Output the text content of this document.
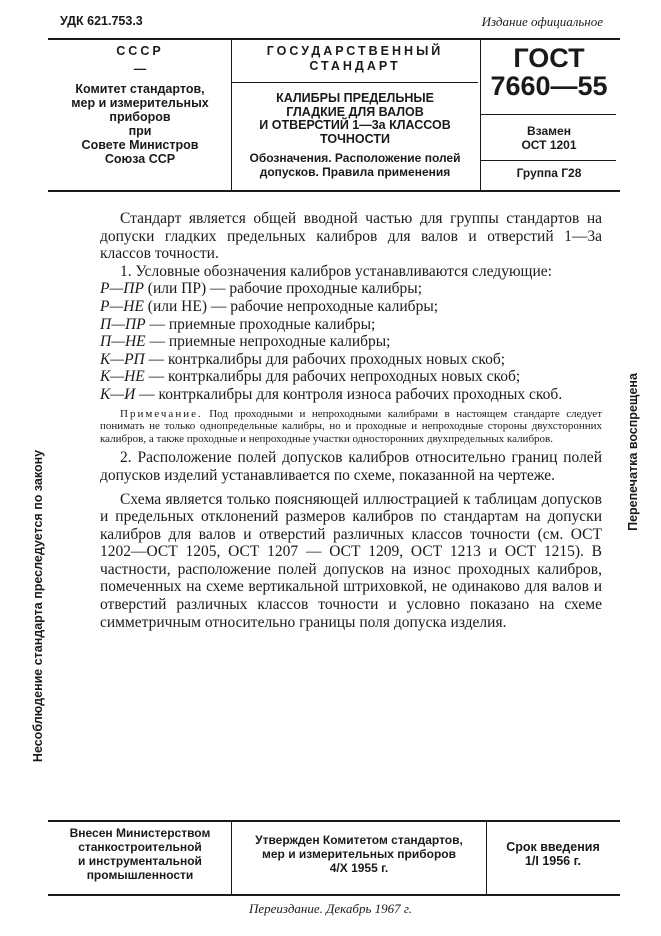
УДК 621.753.3	Издание официальное
СССР
—
Комитет стандартов,
мер и измерительных
приборов
при
Совете Министров
Союза ССР
ГОСУДАРСТВЕННЫЙ
СТАНДАРТ
КАЛИБРЫ ПРЕДЕЛЬНЫЕ
ГЛАДКИЕ ДЛЯ ВАЛОВ
И ОТВЕРСТИЙ 1—3а КЛАССОВ
ТОЧНОСТИ
Обозначения. Расположение полей
допусков. Правила применения
ГОСТ
7660—55
Взамен
ОСТ 1201
Группа Г28
Несоблюдение стандарта преследуется по закону	Перепечатка воспрещена

Стандарт является общей вводной частью для группы стандартов на допуски гладких предельных калибров для валов и отверстий 1—3а классов точности.

1. Условные обозначения калибров устанавливаются следующие:

Р—ПР (или ПР) — рабочие проходные калибры;
Р—НЕ (или НЕ) — рабочие непроходные калибры;
П—ПР — приемные проходные калибры;
П—НЕ — приемные непроходные калибры;
К—РП — контркалибры для рабочих проходных новых скоб;
К—НЕ — контркалибры для рабочих непроходных новых скоб;
К—И — контркалибры для контроля износа рабочих проходных скоб.

Примечание. Под проходными и непроходными калибрами в настоящем стандарте следует понимать не только однопредельные калибры, но и проходные и непроходные стороны двухсторонних калибров, а также проходные и непроходные участки односторонних двухпредельных калибров.

2. Расположение полей допусков калибров относительно границ полей допусков изделий устанавливается по схеме, показанной на чертеже.

Схема является только поясняющей иллюстрацией к таблицам допусков и предельных отклонений размеров калибров по стандартам на допуски калибров для валов и отверстий различных классов точности (см. ОСТ 1202—ОСТ 1205, ОСТ 1207 — ОСТ 1209, ОСТ 1213 и ОСТ 1215). В частности, расположение полей допусков на износ проходных калибров, помеченных на схеме вертикальной штриховкой, не одинаково для валов и отверстий различных классов точности и условно показано на схеме симметричным относительно границы поля допуска изделия.

Внесен Министерством
станкостроительной
и инструментальной
промышленности
Утвержден Комитетом стандартов,
мер и измерительных приборов
4/X 1955 г.
Срок введения
1/I 1956 г.
Переиздание. Декабрь 1967 г.
